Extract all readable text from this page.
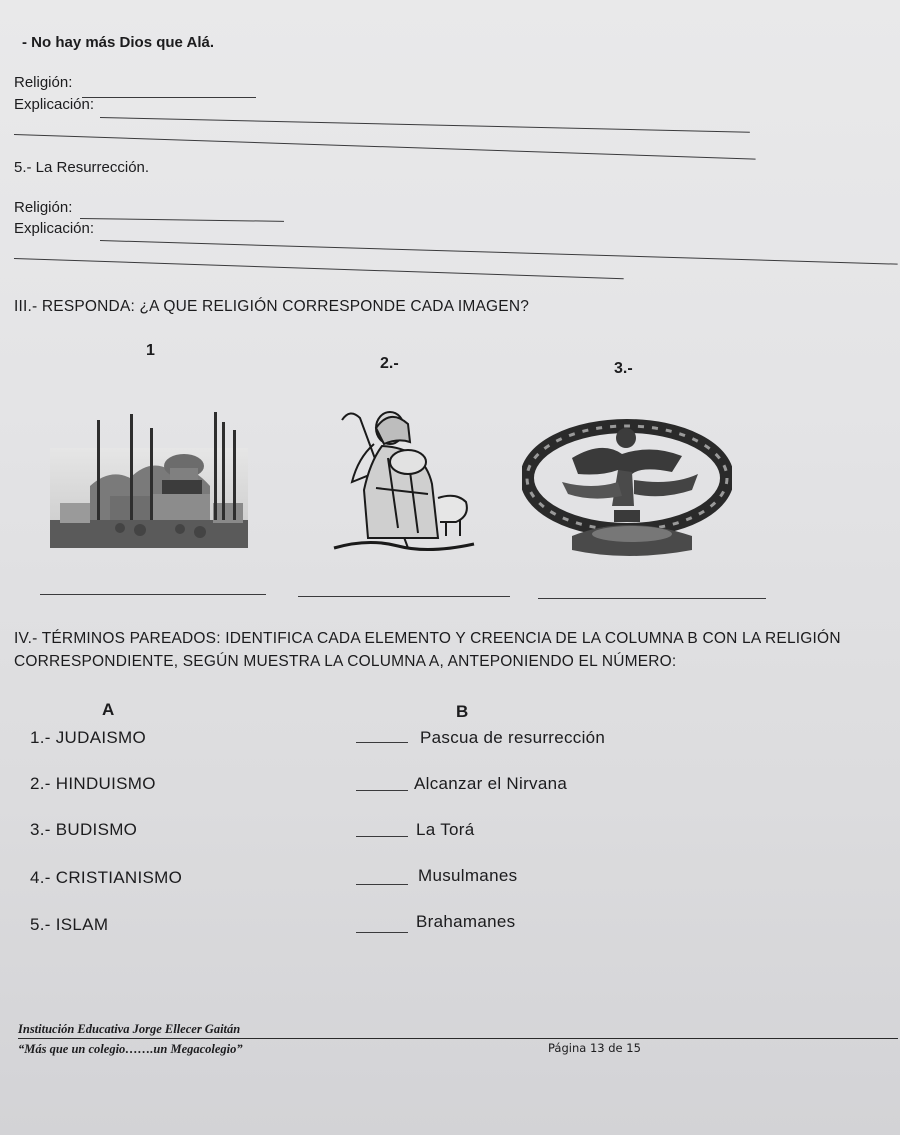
- No hay más Dios que Alá.
Religión:
Explicación:
5.- La Resurrección.
Religión:
Explicación:
III.- RESPONDA: ¿A QUE RELIGIÓN CORRESPONDE CADA IMAGEN?
1
2.-	3.-
IV.- TÉRMINOS PAREADOS: IDENTIFICA CADA ELEMENTO Y CREENCIA DE LA COLUMNA B CON LA RELIGIÓN
CORRESPONDIENTE, SEGÚN MUESTRA LA COLUMNA A, ANTEPONIENDO EL NÚMERO:
A	B
1.- JUDAISMO	Pascua de resurrección
2.- HINDUISMO	Alcanzar el Nirvana
3.- BUDISMO	La Torá
4.- CRISTIANISMO	Musulmanes
5.- ISLAM	Brahamanes
Institución Educativa Jorge Ellecer Gaitán
“Más que un colegio…….un Megacolegio”	Página 13 de 15
